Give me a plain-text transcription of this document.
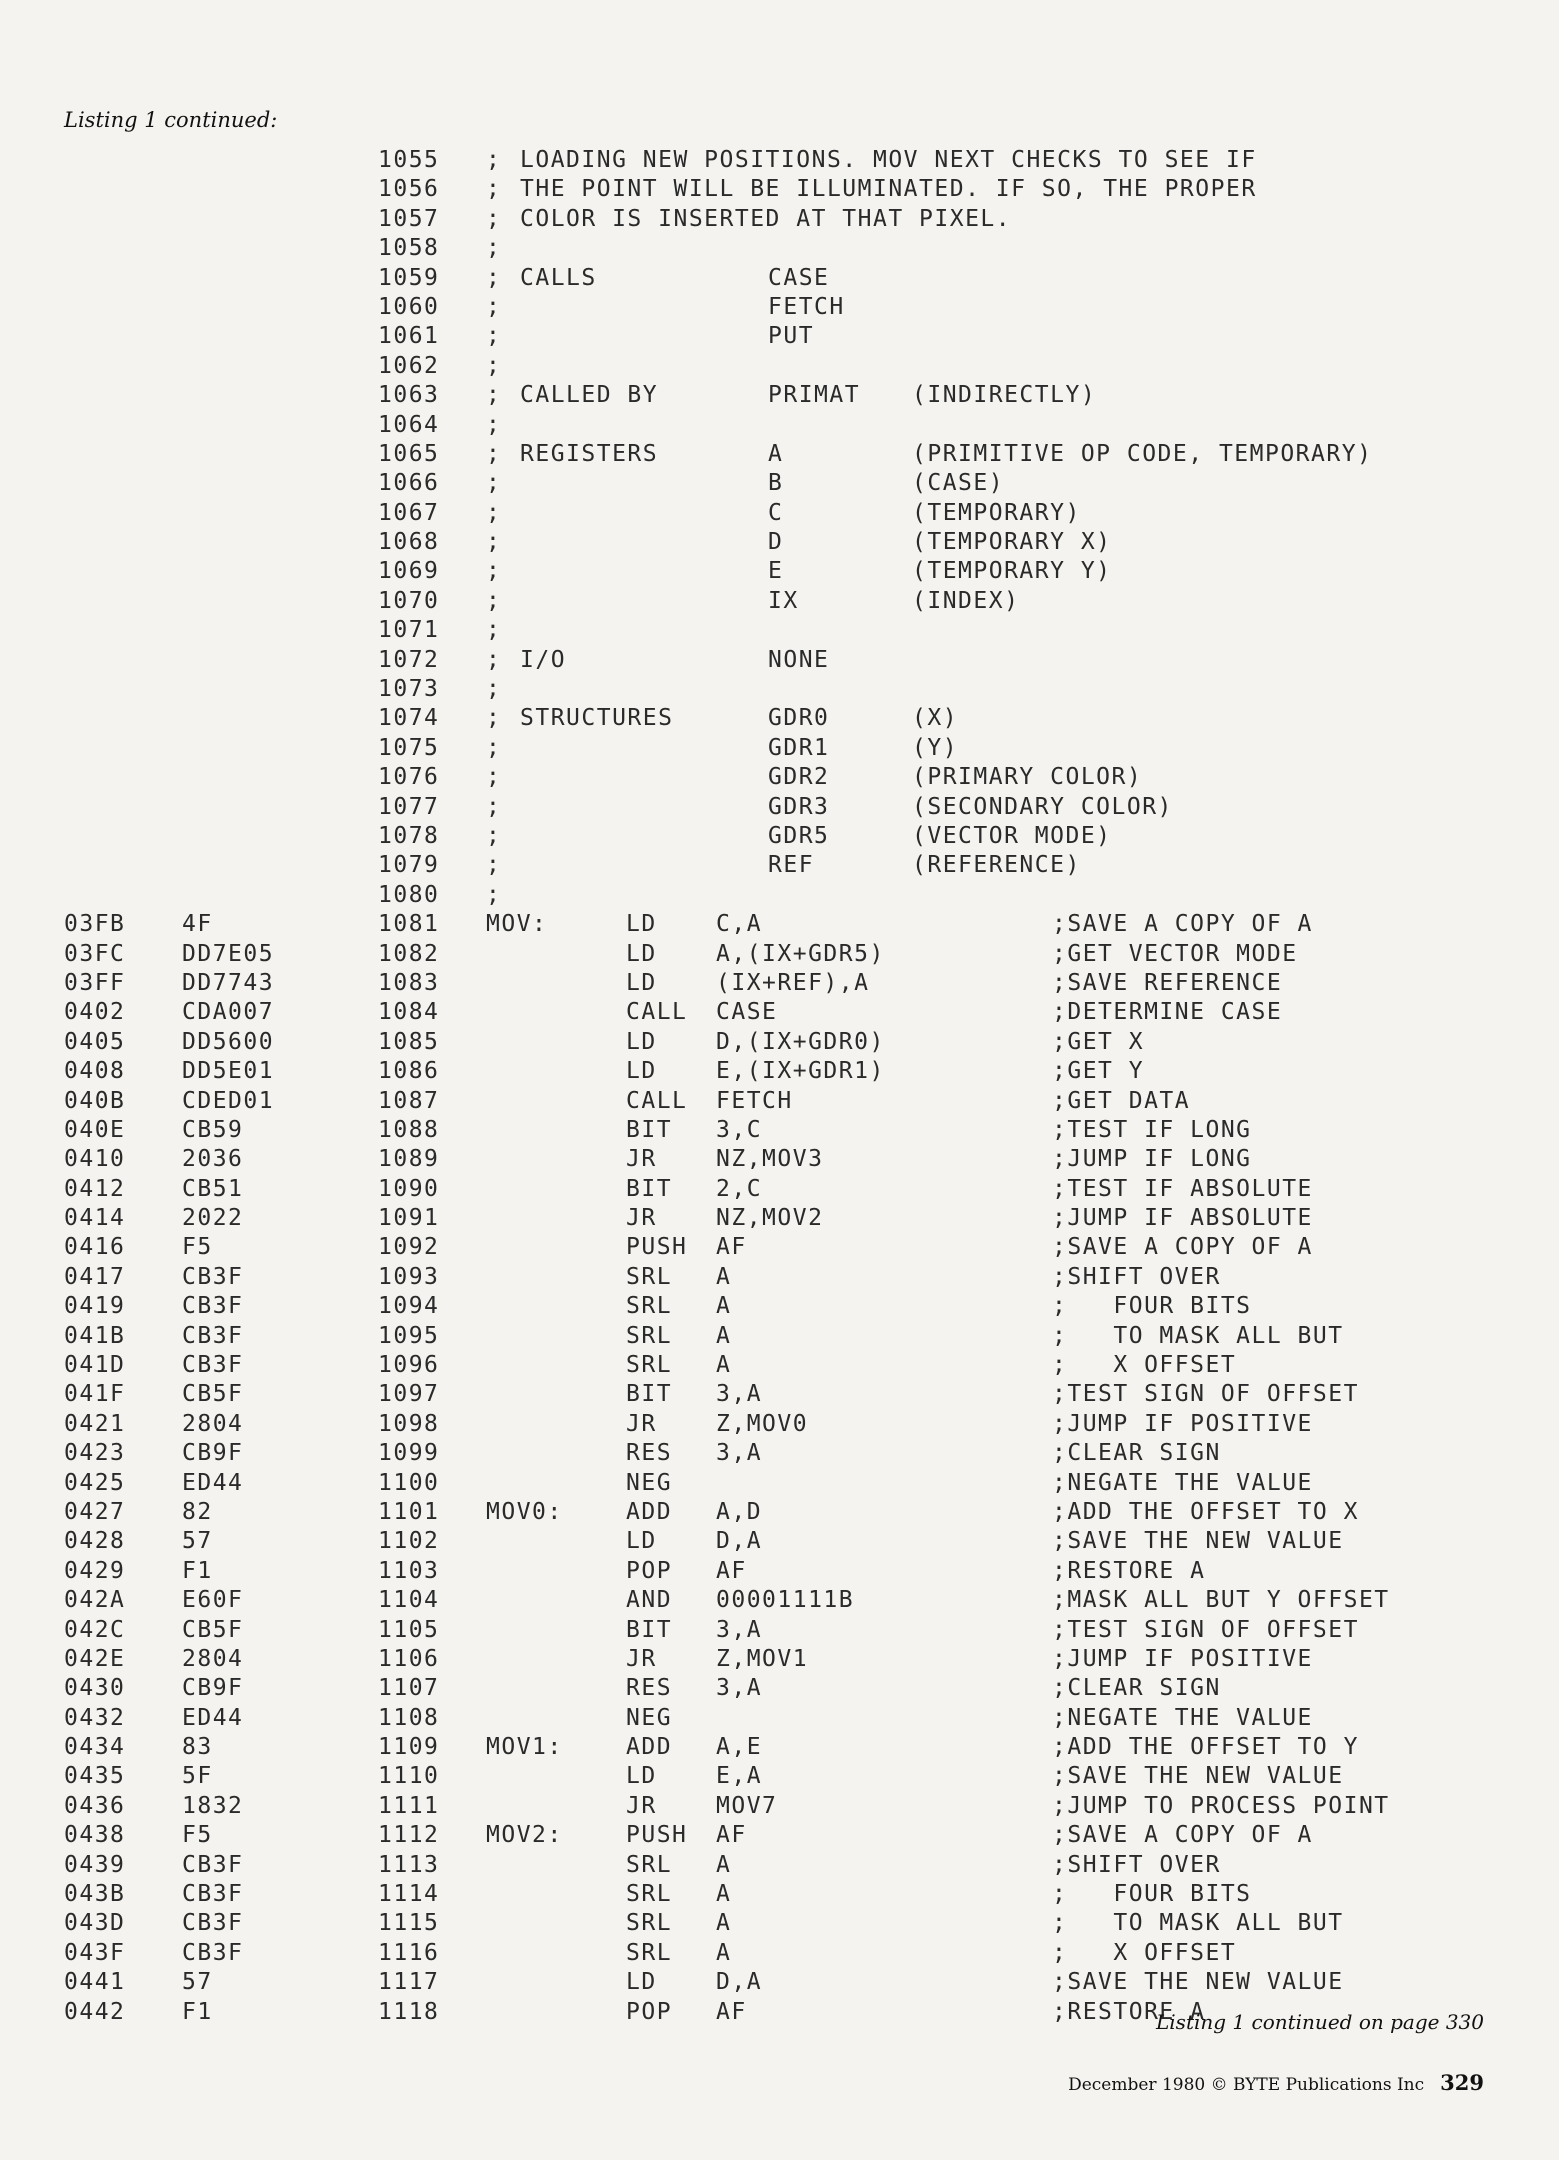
Listing 1 continued:
1055 ; LOADING NEW POSITIONS. MOV NEXT CHECKS TO SEE IF
1056 ; THE POINT WILL BE ILLUMINATED. IF SO, THE PROPER
1057 ; COLOR IS INSERTED AT THAT PIXEL.
1058 ;
1059 ; CALLS	CASE
1060 ;	FETCH
1061 ;	PUT
1062 ;
1063 ; CALLED BY	PRIMAT (INDIRECTLY)
1064 ;
1065 ; REGISTERS	A	(PRIMITIVE OP CODE, TEMPORARY)
1066 ;	B	(CASE)
1067 ;	C	(TEMPORARY)
1068 ;	D	(TEMPORARY X)
1069 ;	E	(TEMPORARY Y)
1070 ;	IX	(INDEX)
1071 ;
1072 ; I/O	NONE
1073 ;
1074 ; STRUCTURES	GDR0	(X)
1075 ;	GDR1	(Y)
1076 ;	GDR2	(PRIMARY COLOR)
1077 ;	GDR3	(SECONDARY COLOR)
1078 ;	GDR5	(VECTOR MODE)
1079 ;	REF	(REFERENCE)
1080 ;
03FB 4F	1081 MOV:	LD	C,A	;SAVE A COPY OF A
03FC DD7E05	1082	LD	A,(IX+GDR5)	;GET VECTOR MODE
03FF DD7743	1083	LD	(IX+REF),A	;SAVE REFERENCE
0402 CDA007	1084	CALL CASE	;DETERMINE CASE
0405 DD5600	1085	LD	D,(IX+GDR0)	;GET X
0408 DD5E01	1086	LD	E,(IX+GDR1)	;GET Y
040B CDED01	1087	CALL FETCH	;GET DATA
040E CB59	1088	BIT 3,C	;TEST IF LONG
0410 2036	1089	JR	NZ,MOV3	;JUMP IF LONG
0412 CB51	1090	BIT 2,C	;TEST IF ABSOLUTE
0414 2022	1091	JR	NZ,MOV2	;JUMP IF ABSOLUTE
0416 F5	1092	PUSH AF	;SAVE A COPY OF A
0417 CB3F	1093	SRL A	;SHIFT OVER
0419 CB3F	1094	SRL A	;   FOUR BITS
041B CB3F	1095	SRL A	;   TO MASK ALL BUT
041D CB3F	1096	SRL A	;   X OFFSET
041F CB5F	1097	BIT 3,A	;TEST SIGN OF OFFSET
0421 2804	1098	JR	Z,MOV0	;JUMP IF POSITIVE
0423 CB9F	1099	RES 3,A	;CLEAR SIGN
0425 ED44	1100	NEG	;NEGATE THE VALUE
0427 82	1101 MOV0:	ADD A,D	;ADD THE OFFSET TO X
0428 57	1102	LD	D,A	;SAVE THE NEW VALUE
0429 F1	1103	POP AF	;RESTORE A
042A E60F	1104	AND 00001111B	;MASK ALL BUT Y OFFSET
042C CB5F	1105	BIT 3,A	;TEST SIGN OF OFFSET
042E 2804	1106	JR	Z,MOV1	;JUMP IF POSITIVE
0430 CB9F	1107	RES 3,A	;CLEAR SIGN
0432 ED44	1108	NEG	;NEGATE THE VALUE
0434 83	1109 MOV1:	ADD A,E	;ADD THE OFFSET TO Y
0435 5F	1110	LD	E,A	;SAVE THE NEW VALUE
0436 1832	1111	JR	MOV7	;JUMP TO PROCESS POINT
0438 F5	1112 MOV2:	PUSH AF	;SAVE A COPY OF A
0439 CB3F	1113	SRL A	;SHIFT OVER
043B CB3F	1114	SRL A	;   FOUR BITS
043D CB3F	1115	SRL A	;   TO MASK ALL BUT
043F CB3F	1116	SRL A	;   X OFFSET
0441 57	1117	LD	D,A	;SAVE THE NEW VALUE
0442 F1	1118	POP AF	;RESTORE A
Listing 1 continued on page 330
December 1980 © BYTE Publications Inc 329
